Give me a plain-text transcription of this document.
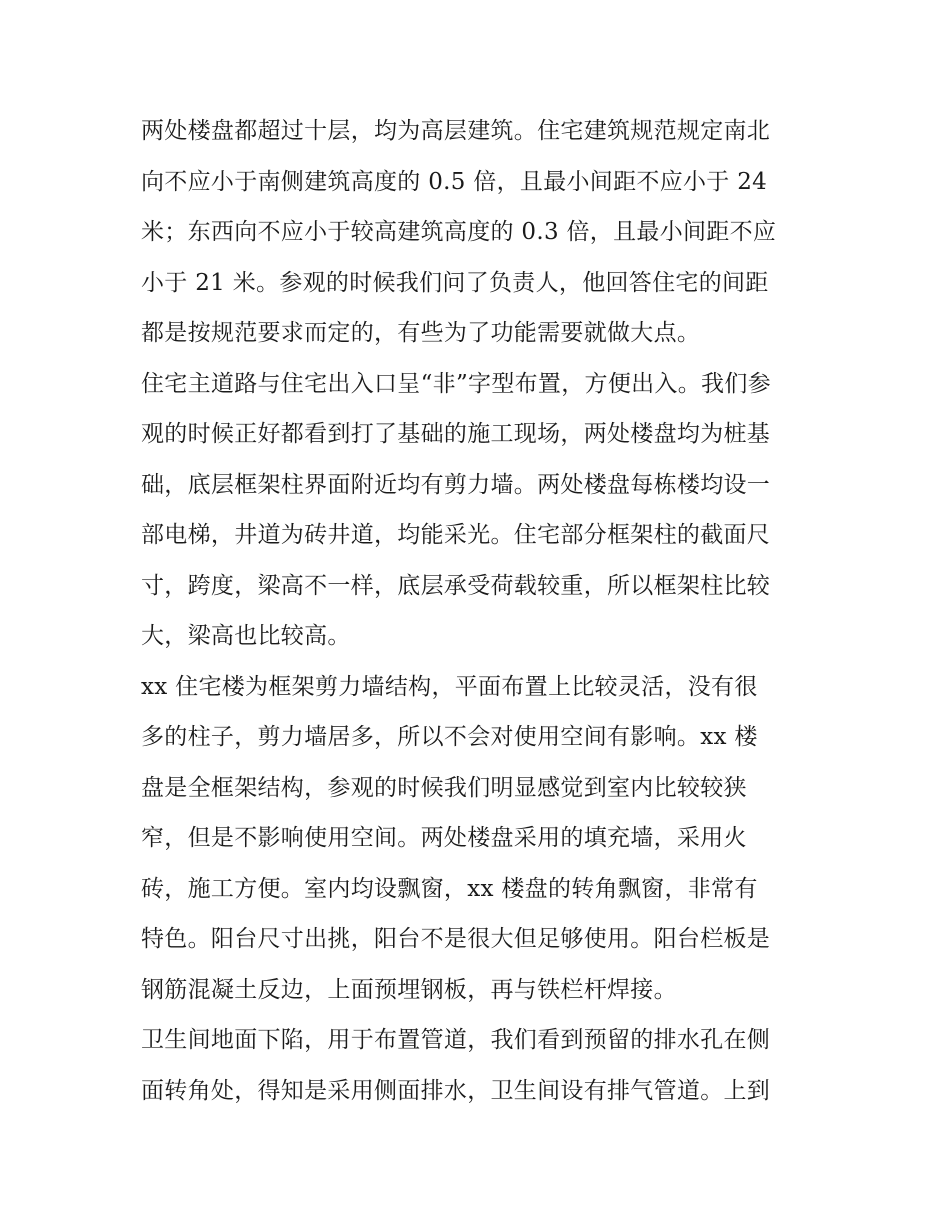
两处楼盘都超过十层，均为高层建筑。住宅建筑规范规定南北
向不应小于南侧建筑高度的 0.5 倍，且最小间距不应小于 24
米；东西向不应小于较高建筑高度的 0.3 倍，且最小间距不应
小于 21 米。参观的时候我们问了负责人，他回答住宅的间距
都是按规范要求而定的，有些为了功能需要就做大点。
住宅主道路与住宅出入口呈“非”字型布置，方便出入。我们参
观的时候正好都看到打了基础的施工现场，两处楼盘均为桩基
础，底层框架柱界面附近均有剪力墙。两处楼盘每栋楼均设一
部电梯，井道为砖井道，均能采光。住宅部分框架柱的截面尺
寸，跨度，梁高不一样，底层承受荷载较重，所以框架柱比较
大，梁高也比较高。
xx 住宅楼为框架剪力墙结构，平面布置上比较灵活，没有很
多的柱子，剪力墙居多，所以不会对使用空间有影响。xx 楼
盘是全框架结构，参观的时候我们明显感觉到室内比较较狭
窄，但是不影响使用空间。两处楼盘采用的填充墙，采用火
砖，施工方便。室内均设飘窗，xx 楼盘的转角飘窗，非常有
特色。阳台尺寸出挑，阳台不是很大但足够使用。阳台栏板是
钢筋混凝土反边，上面预埋钢板，再与铁栏杆焊接。
卫生间地面下陷，用于布置管道，我们看到预留的排水孔在侧
面转角处，得知是采用侧面排水，卫生间设有排气管道。上到
